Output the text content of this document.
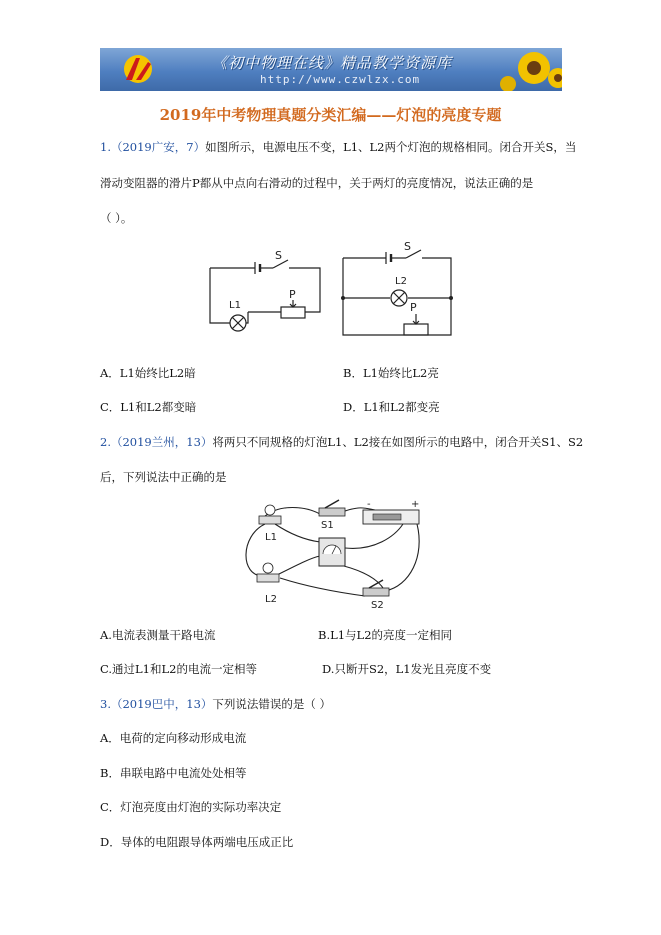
《初中物理在线》精品教学资源库
http://www.czwlzx.com
2019年中考物理真题分类汇编——灯泡的亮度专题
1.（2019广安，7）如图所示，电源电压不变，L1、L2两个灯泡的规格相同。闭合开关S，当
滑动变阻器的滑片P都从中点向右滑动的过程中，关于两灯的亮度情况，说法正确的是
（ ）。
S
L1
P
S
L2
P
A．L1始终比L2暗	B．L1始终比L2亮
C．L1和L2都变暗	D．L1和L2都变亮
2.（2019兰州，13）将两只不同规格的灯泡L1、L2接在如图所示的电路中，闭合开关S1、S2
后，下列说法中正确的是
L1
L2
S1
S2
-	+
A.电流表测量干路电流	B.L1与L2的亮度一定相同
C.通过L1和L2的电流一定相等	D.只断开S2，L1发光且亮度不变
3.（2019巴中，13）下列说法错误的是（ ）
A．电荷的定向移动形成电流
B．串联电路中电流处处相等
C．灯泡亮度由灯泡的实际功率决定
D．导体的电阻跟导体两端电压成正比
